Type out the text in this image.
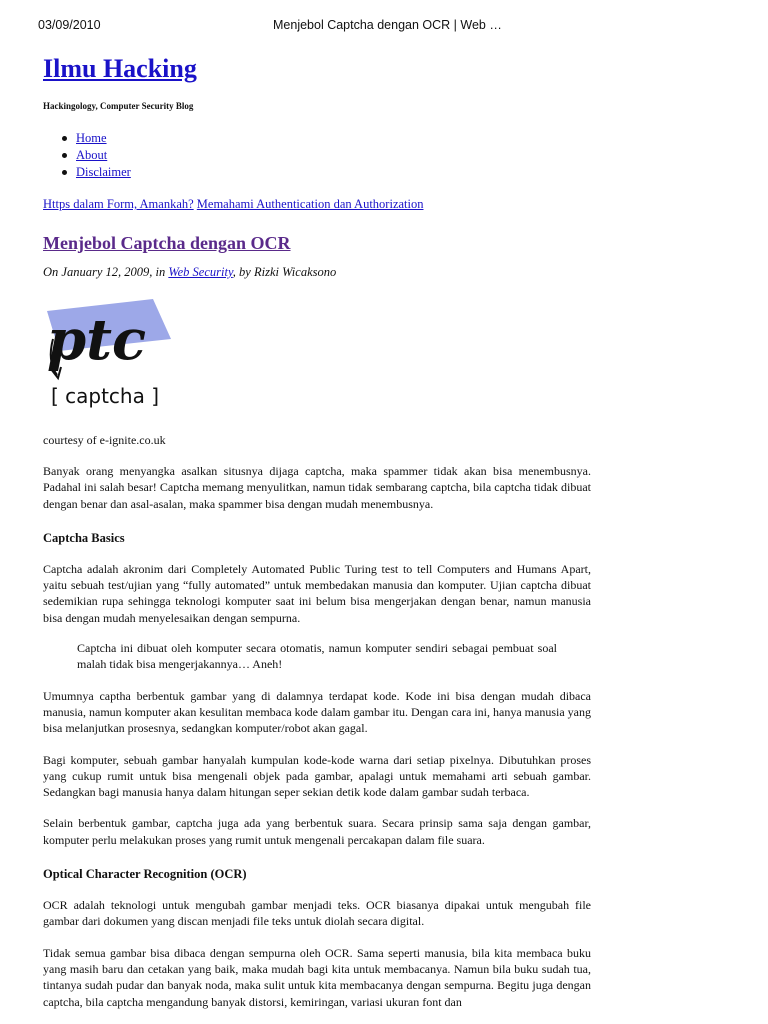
03/09/2010	Menjebol Captcha dengan OCR | Web …
Ilmu Hacking
Hackingology, Computer Security Blog
Home
About
Disclaimer
Https dalam Form, Amankah? Memahami Authentication dan Authorization
Menjebol Captcha dengan OCR
On January 12, 2009, in Web Security, by Rizki Wicaksono
ptc
[ captcha ]
courtesy of e-ignite.co.uk

Banyak orang menyangka asalkan situsnya dijaga captcha, maka spammer tidak akan bisa menembusnya. Padahal ini salah besar! Captcha memang menyulitkan, namun tidak sembarang captcha, bila captcha tidak dibuat dengan benar dan asal-asalan, maka spammer bisa dengan mudah menembusnya.

Captcha Basics

Captcha adalah akronim dari Completely Automated Public Turing test to tell Computers and Humans Apart, yaitu sebuah test/ujian yang “fully automated” untuk membedakan manusia dan komputer. Ujian captcha dibuat sedemikian rupa sehingga teknologi komputer saat ini belum bisa mengerjakan dengan benar, namun manusia bisa dengan mudah menyelesaikan dengan sempurna.

Captcha ini dibuat oleh komputer secara otomatis, namun komputer sendiri sebagai pembuat soal malah tidak bisa mengerjakannya… Aneh!

Umumnya captha berbentuk gambar yang di dalamnya terdapat kode. Kode ini bisa dengan mudah dibaca manusia, namun komputer akan kesulitan membaca kode dalam gambar itu. Dengan cara ini, hanya manusia yang bisa melanjutkan prosesnya, sedangkan komputer/robot akan gagal.

Bagi komputer, sebuah gambar hanyalah kumpulan kode-kode warna dari setiap pixelnya. Dibutuhkan proses yang cukup rumit untuk bisa mengenali objek pada gambar, apalagi untuk memahami arti sebuah gambar. Sedangkan bagi manusia hanya dalam hitungan seper sekian detik kode dalam gambar sudah terbaca.

Selain berbentuk gambar, captcha juga ada yang berbentuk suara. Secara prinsip sama saja dengan gambar, komputer perlu melakukan proses yang rumit untuk mengenali percakapan dalam file suara.

Optical Character Recognition (OCR)

OCR adalah teknologi untuk mengubah gambar menjadi teks. OCR biasanya dipakai untuk mengubah file gambar dari dokumen yang discan menjadi file teks untuk diolah secara digital.

Tidak semua gambar bisa dibaca dengan sempurna oleh OCR. Sama seperti manusia, bila kita membaca buku yang masih baru dan cetakan yang baik, maka mudah bagi kita untuk membacanya. Namun bila buku sudah tua, tintanya sudah pudar dan banyak noda, maka sulit untuk kita membacanya dengan sempurna. Begitu juga dengan captcha, bila captcha mengandung banyak distorsi, kemiringan, variasi ukuran font dan
